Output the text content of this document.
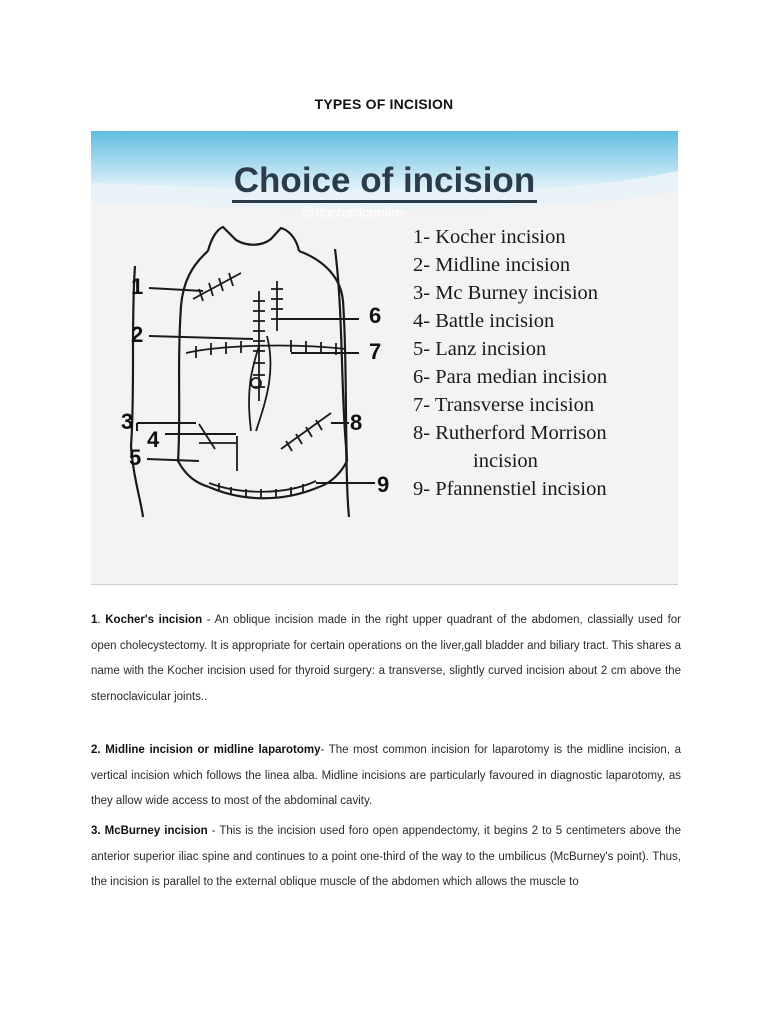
TYPES OF INCISION
Choice of incision
@doctordconline
1
2
3
4
5
6
7
8
9
1- Kocher incision
2- Midline incision
3- Mc Burney incision
4- Battle incision
5- Lanz incision
6- Para median incision
7- Transverse incision
8- Rutherford Morrison
incision
9- Pfannenstiel incision

1. Kocher's incision - An oblique incision made in the right upper quadrant of the abdomen, classially used for open cholecystectomy. It is appropriate for certain operations on the liver,gall bladder and biliary tract. This shares a name with the Kocher incision used for thyroid surgery: a transverse, slightly curved incision about 2 cm above the sternoclavicular joints..

2. Midline incision or midline laparotomy- The most common incision for laparotomy is the midline incision, a vertical incision which follows the linea alba. Midline incisions are particularly favoured in diagnostic laparotomy, as they allow wide access to most of the abdominal cavity.

3. McBurney incision - This is the incision used foro open appendectomy, it begins 2 to 5 centimeters above the anterior superior iliac spine and continues to a point one-third of the way to the umbilicus (McBurney's point). Thus, the incision is parallel to the external oblique muscle of the abdomen which allows the muscle to
